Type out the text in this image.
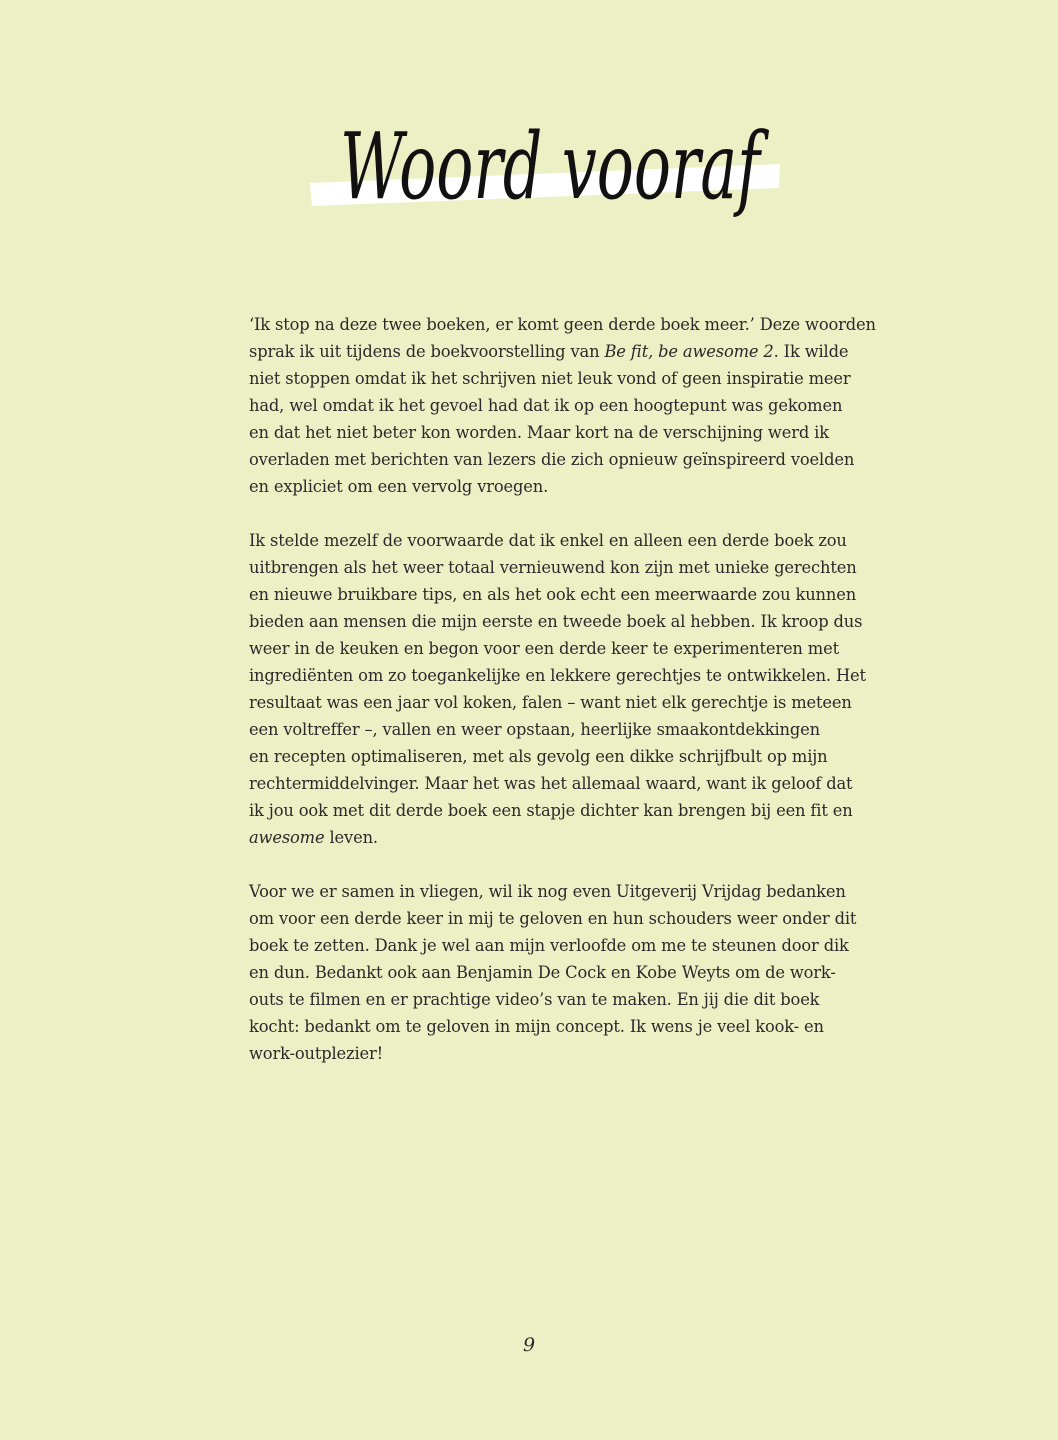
Woord vooraf

‘Ik stop na deze twee boeken, er komt geen derde boek meer.’ Deze woorden
sprak ik uit tijdens de boekvoorstelling van Be fit, be awesome 2. Ik wilde
niet stoppen omdat ik het schrijven niet leuk vond of geen inspiratie meer
had, wel omdat ik het gevoel had dat ik op een hoogtepunt was gekomen
en dat het niet beter kon worden. Maar kort na de verschijning werd ik
overladen met berichten van lezers die zich opnieuw geïnspireerd voelden
en expliciet om een vervolg vroegen.

Ik stelde mezelf de voorwaarde dat ik enkel en alleen een derde boek zou
uitbrengen als het weer totaal vernieuwend kon zijn met unieke gerechten
en nieuwe bruikbare tips, en als het ook echt een meerwaarde zou kunnen
bieden aan mensen die mijn eerste en tweede boek al hebben. Ik kroop dus
weer in de keuken en begon voor een derde keer te experimenteren met
ingrediënten om zo toegankelijke en lekkere gerechtjes te ontwikkelen. Het
resultaat was een jaar vol koken, falen – want niet elk gerechtje is meteen
een voltreffer –, vallen en weer opstaan, heerlijke smaakontdekkingen
en recepten optimaliseren, met als gevolg een dikke schrijfbult op mijn
rechtermiddelvinger. Maar het was het allemaal waard, want ik geloof dat
ik jou ook met dit derde boek een stapje dichter kan brengen bij een fit en
awesome leven.

Voor we er samen in vliegen, wil ik nog even Uitgeverij Vrijdag bedanken
om voor een derde keer in mij te geloven en hun schouders weer onder dit
boek te zetten. Dank je wel aan mijn verloofde om me te steunen door dik
en dun. Bedankt ook aan Benjamin De Cock en Kobe Weyts om de work-
outs te filmen en er prachtige video’s van te maken. En jij die dit boek
kocht: bedankt om te geloven in mijn concept. Ik wens je veel kook- en
work-outplezier!

9
